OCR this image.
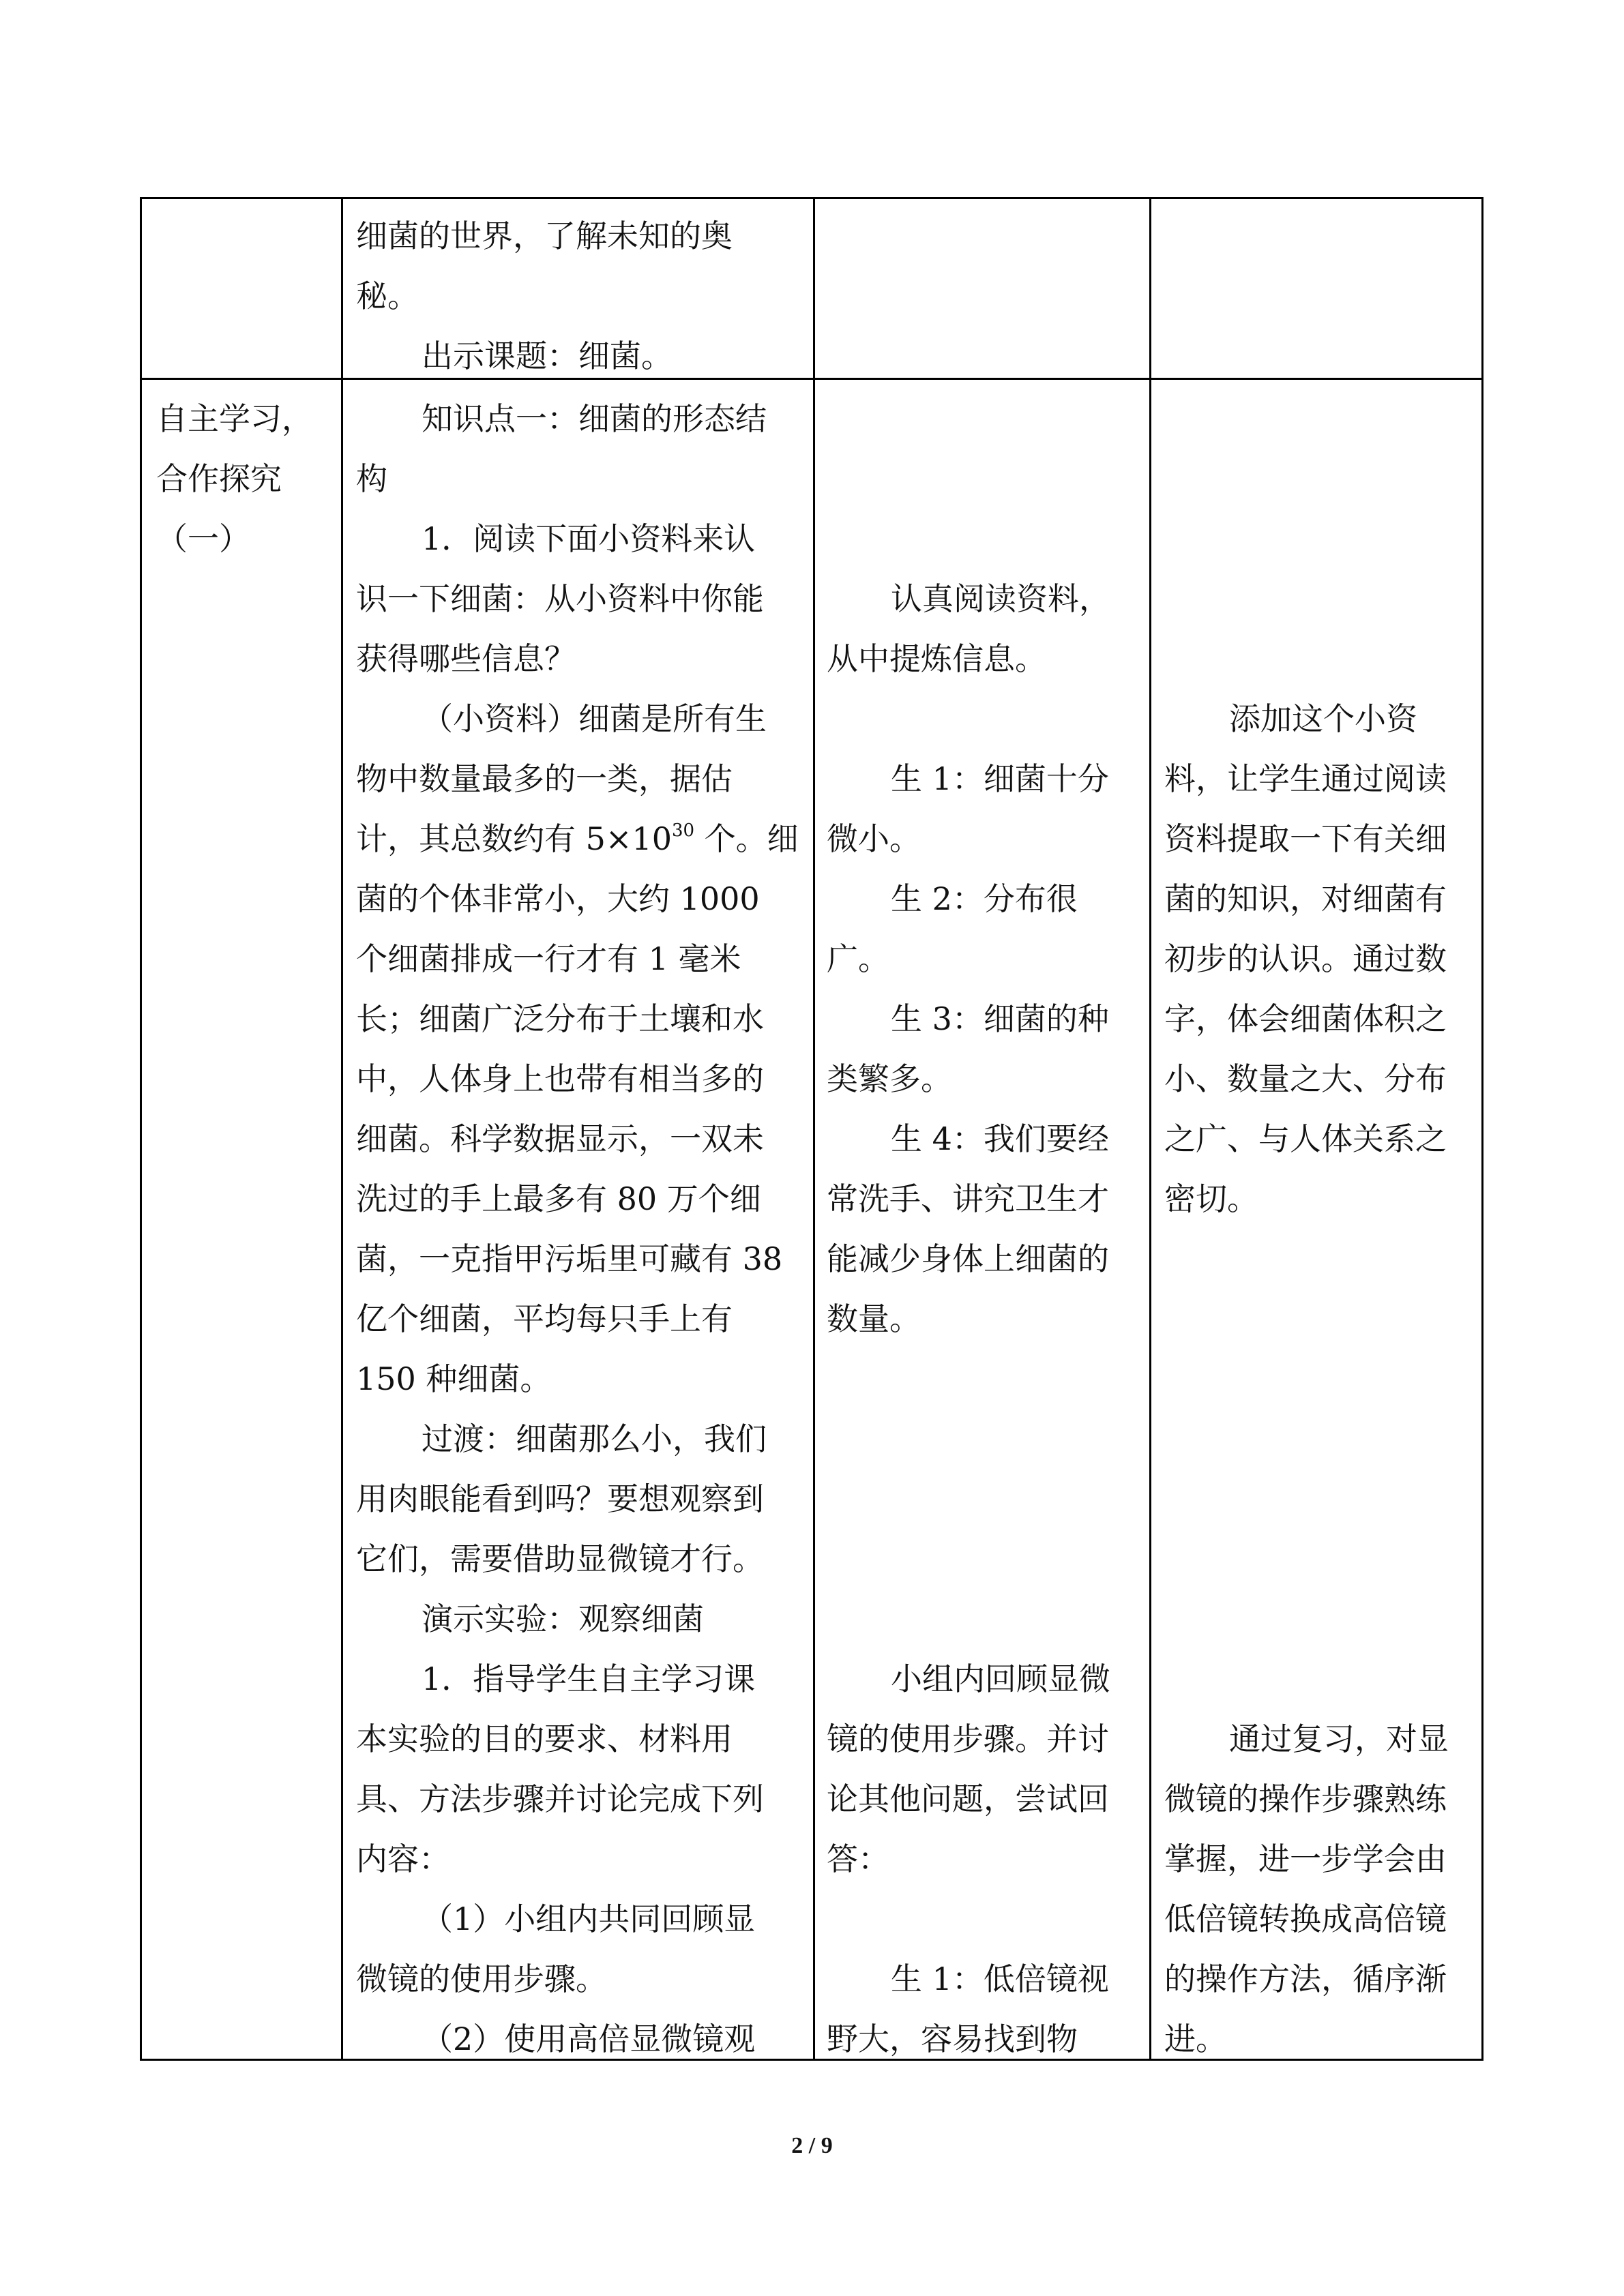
细菌的世界，了解未知的奥
秘。
出示课题：细菌。
自主学习，
合作探究
（一）
知识点一：细菌的形态结
构
1．阅读下面小资料来认
识一下细菌：从小资料中你能
获得哪些信息？
（小资料）细菌是所有生
物中数量最多的一类，据估
计，其总数约有 $5\times 10^{30}$ 个。细
菌的个体非常小，大约 1000
个细菌排成一行才有 1 毫米
长；细菌广泛分布于土壤和水
中，人体身上也带有相当多的
细菌。科学数据显示，一双未
洗过的手上最多有 80 万个细
菌，一克指甲污垢里可藏有 38
亿个细菌，平均每只手上有
150 种细菌。
过渡：细菌那么小，我们
用肉眼能看到吗？要想观察到
它们，需要借助显微镜才行。
演示实验：观察细菌
1．指导学生自主学习课
本实验的目的要求、材料用
具、方法步骤并讨论完成下列
内容：
（1）小组内共同回顾显
微镜的使用步骤。
（2）使用高倍显微镜观
认真阅读资料，
从中提炼信息。
生 1：细菌十分
微小。
生 2：分布很
广。
生 3：细菌的种
类繁多。
生 4：我们要经
常洗手、讲究卫生才
能减少身体上细菌的
数量。
小组内回顾显微
镜的使用步骤。并讨
论其他问题，尝试回
答：
生 1：低倍镜视
野大，容易找到物
添加这个小资
料，让学生通过阅读
资料提取一下有关细
菌的知识，对细菌有
初步的认识。通过数
字，体会细菌体积之
小、数量之大、分布
之广、与人体关系之
密切。
通过复习，对显
微镜的操作步骤熟练
掌握，进一步学会由
低倍镜转换成高倍镜
的操作方法，循序渐
进。
2 / 9
